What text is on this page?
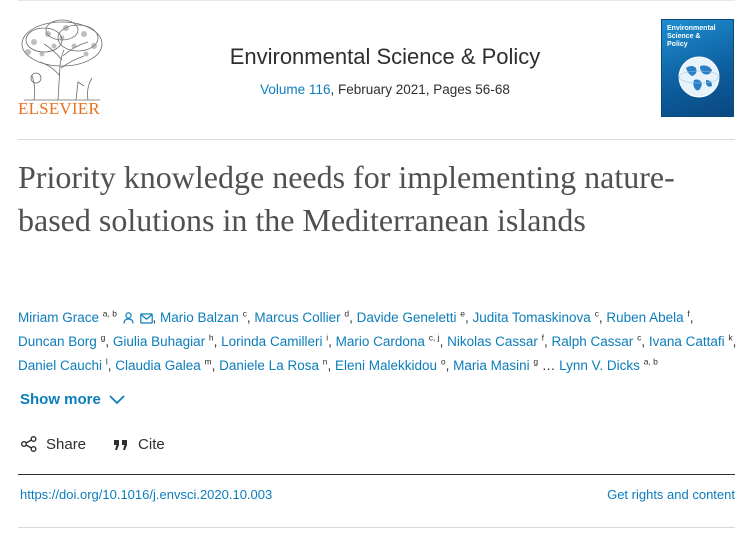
ELSEVIER
Environmental Science & Policy
Volume 116, February 2021, Pages 56-68
Environmental
Science &
Policy
Priority knowledge needs for implementing nature-based solutions in the Mediterranean islands
Miriam Grace $^{a, b}$	, Mario Balzan $^c$, Marcus Collier $^d$, Davide Geneletti $^e$, Judita Tomaskinova $^c$, Ruben Abela $^f$, Duncan Borg $^g$, Giulia Buhagiar $^h$, Lorinda Camilleri $^i$, Mario Cardona $^{c, j}$, Nikolas Cassar $^f$, Ralph Cassar $^c$, Ivana Cattafi $^k$, Daniel Cauchi $^l$, Claudia Galea $^m$, Daniele La Rosa $^n$, Eleni Malekkidou $^o$, Maria Masini $^g$ … Lynn V. Dicks $^{a, b}$
Show more
Share	Cite
https://doi.org/10.1016/j.envsci.2020.10.003	Get rights and content
